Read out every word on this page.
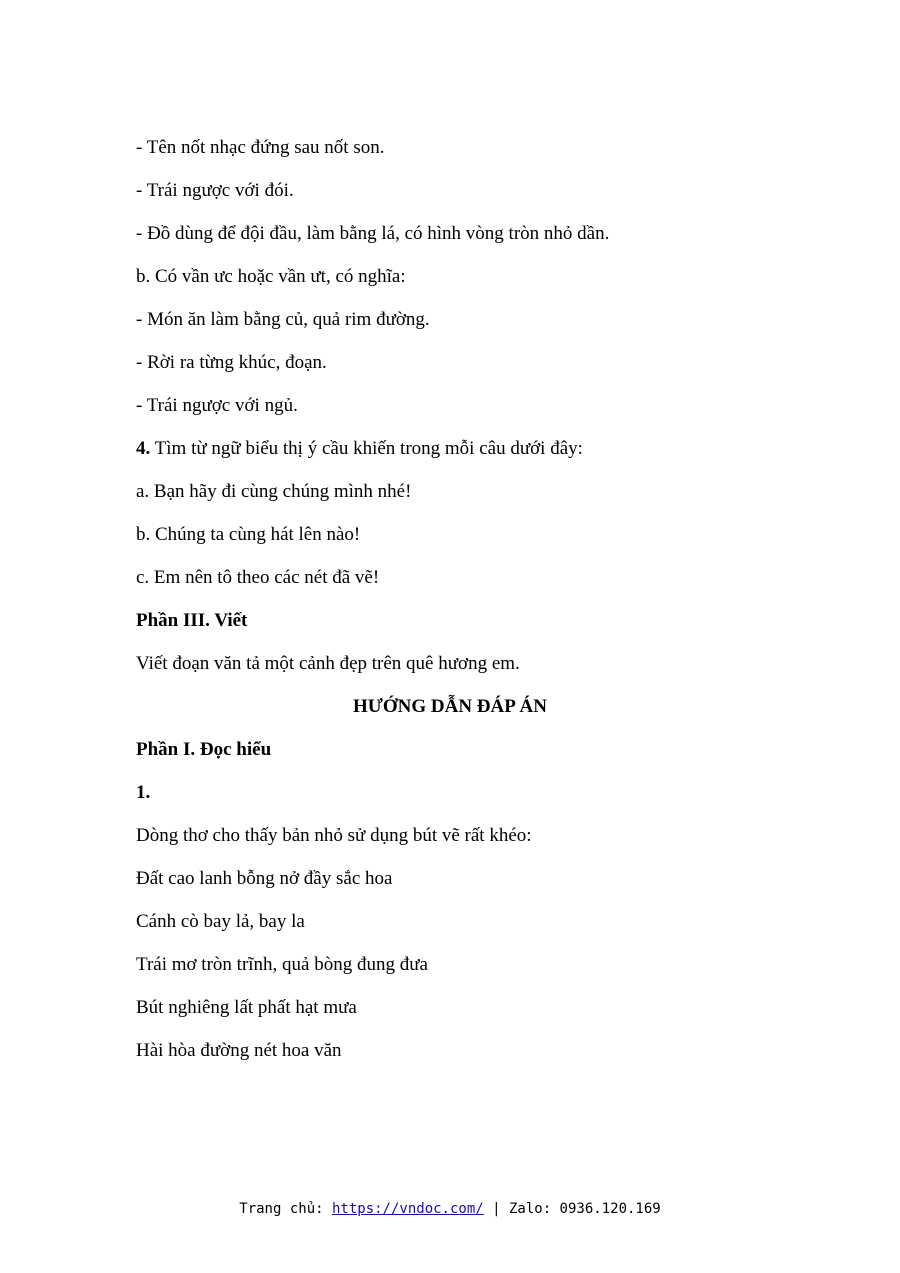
- Tên nốt nhạc đứng sau nốt son.
- Trái ngược với đói.
- Đồ dùng để đội đầu, làm bằng lá, có hình vòng tròn nhỏ dần.
b. Có vần ưc hoặc vần ưt, có nghĩa:
- Món ăn làm bằng củ, quả rim đường.
- Rời ra từng khúc, đoạn.
- Trái ngược với ngủ.
4. Tìm từ ngữ biểu thị ý cầu khiến trong mỗi câu dưới đây:
a. Bạn hãy đi cùng chúng mình nhé!
b. Chúng ta cùng hát lên nào!
c. Em nên tô theo các nét đã vẽ!
Phần III. Viết
Viết đoạn văn tả một cảnh đẹp trên quê hương em.
HƯỚNG DẪN ĐÁP ÁN
Phần I. Đọc hiểu
1.
Dòng thơ cho thấy bản nhỏ sử dụng bút vẽ rất khéo:
Đất cao lanh bỗng nở đầy sắc hoa
Cánh cò bay lả, bay la
Trái mơ tròn trĩnh, quả bòng đung đưa
Bút nghiêng lất phất hạt mưa
Hài hòa đường nét hoa văn
Trang chủ: https://vndoc.com/ | Zalo: 0936.120.169
